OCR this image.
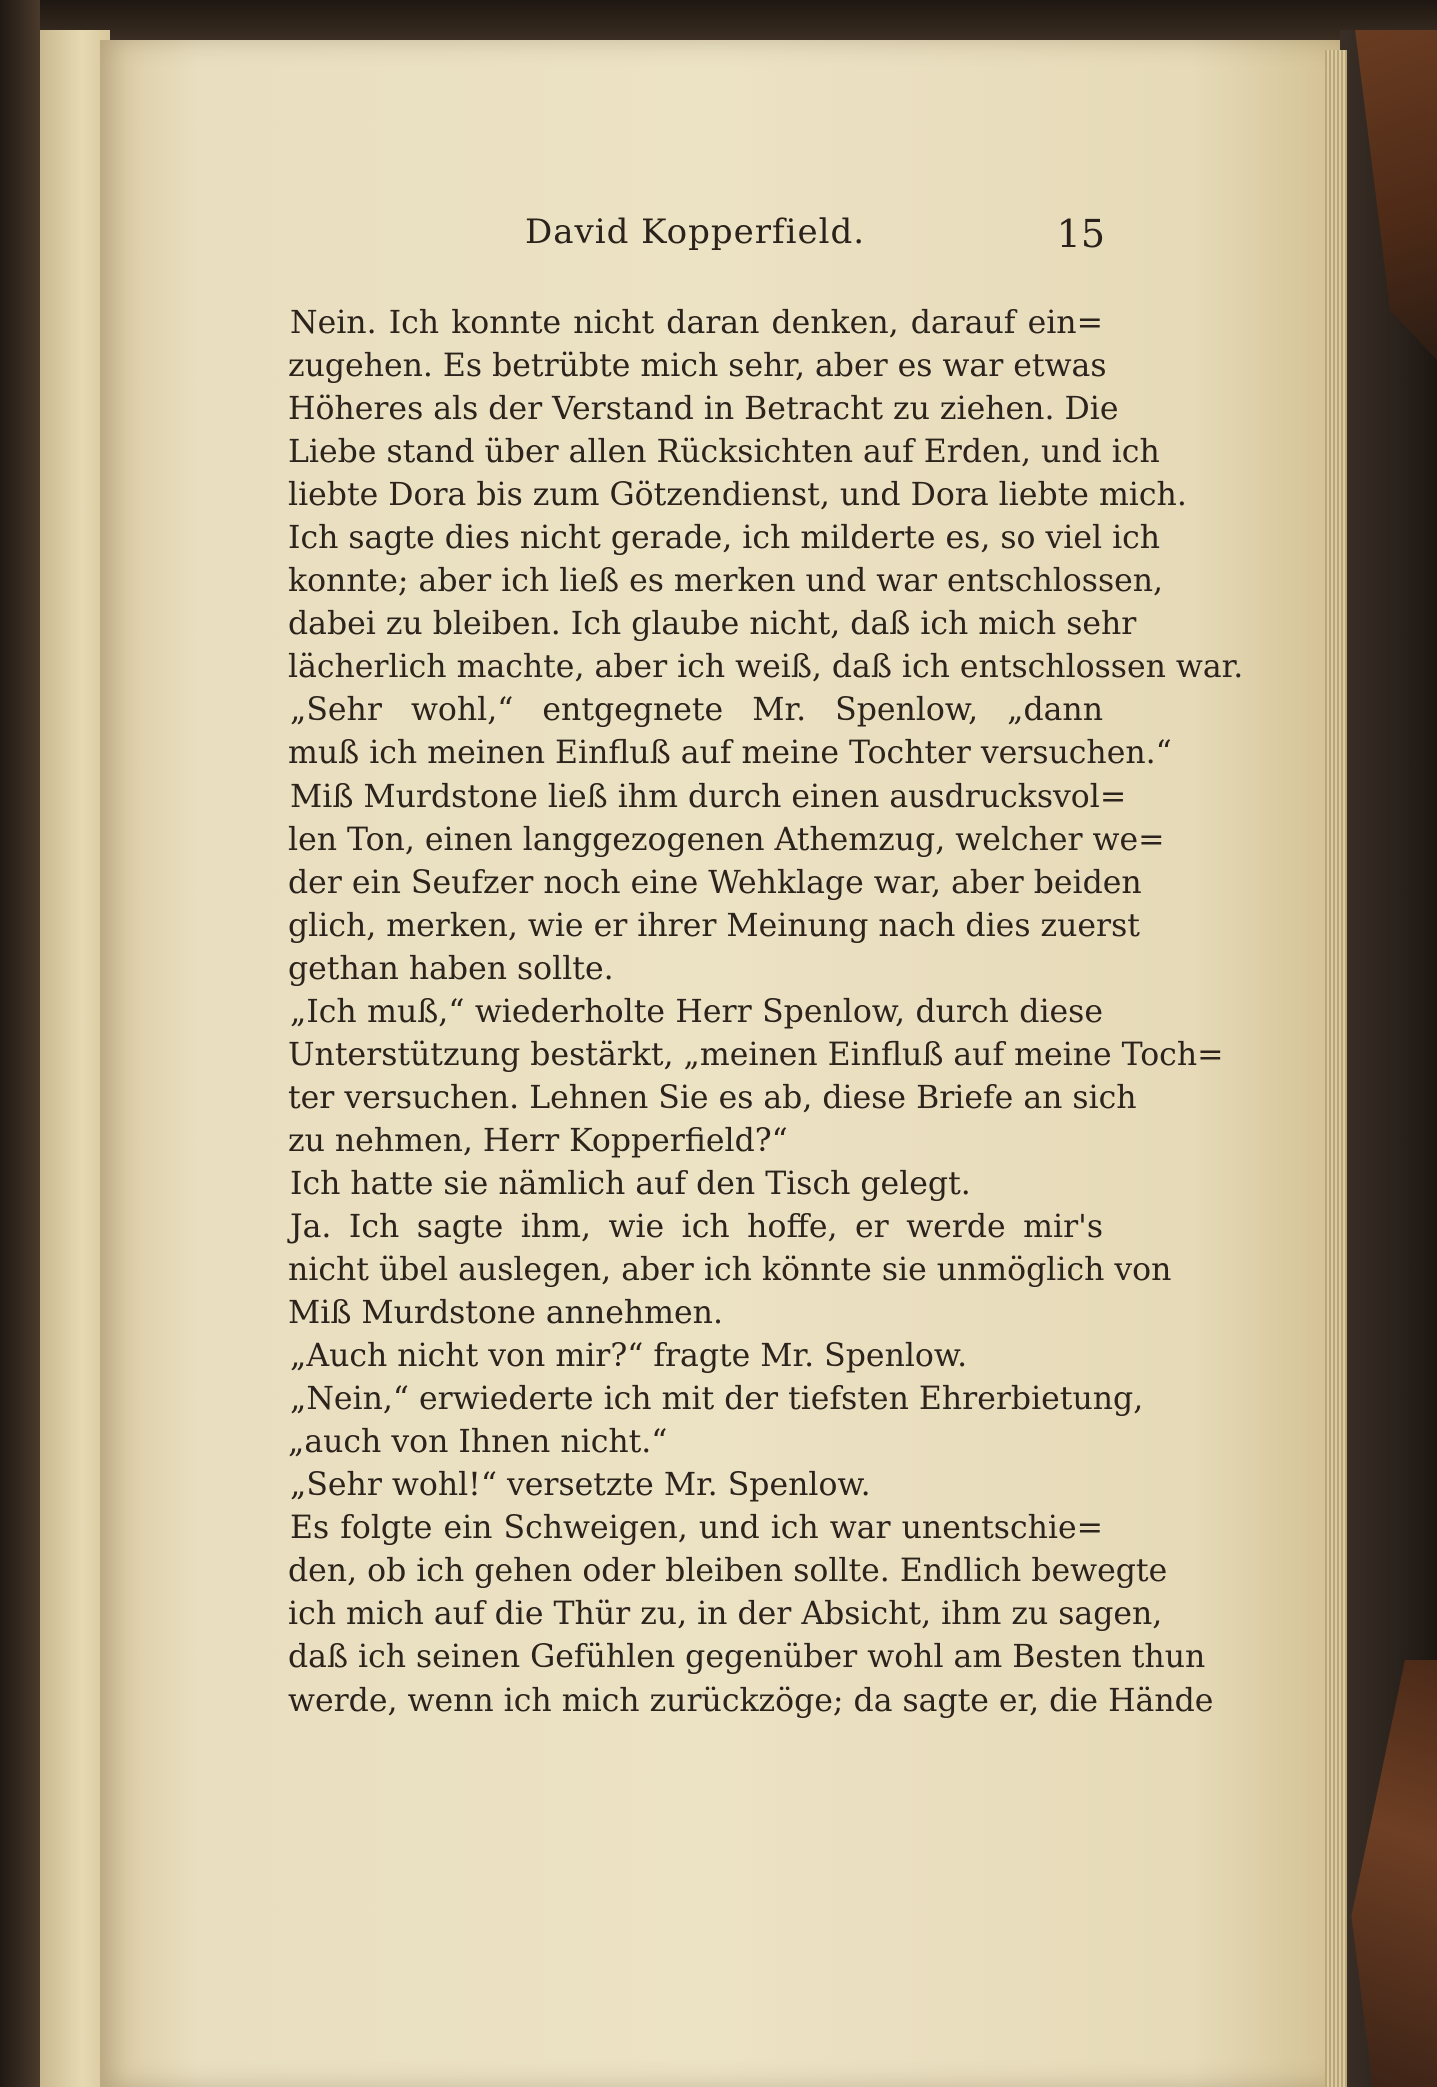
David Kopperfield.	15
Nein. Ich konnte nicht daran denken, darauf ein=
zugehen. Es betrübte mich sehr, aber es war etwas
Höheres als der Verstand in Betracht zu ziehen. Die
Liebe stand über allen Rücksichten auf Erden, und ich
liebte Dora bis zum Götzendienst, und Dora liebte mich.
Ich sagte dies nicht gerade, ich milderte es, so viel ich
konnte; aber ich ließ es merken und war entschlossen,
dabei zu bleiben. Ich glaube nicht, daß ich mich sehr
lächerlich machte, aber ich weiß, daß ich entschlossen war.
„Sehr wohl,“ entgegnete Mr. Spenlow, „dann
muß ich meinen Einfluß auf meine Tochter versuchen.“
Miß Murdstone ließ ihm durch einen ausdrucksvol=
len Ton, einen langgezogenen Athemzug, welcher we=
der ein Seufzer noch eine Wehklage war, aber beiden
glich, merken, wie er ihrer Meinung nach dies zuerst
gethan haben sollte.
„Ich muß,“ wiederholte Herr Spenlow, durch diese
Unterstützung bestärkt, „meinen Einfluß auf meine Toch=
ter versuchen. Lehnen Sie es ab, diese Briefe an sich
zu nehmen, Herr Kopperfield?“
Ich hatte sie nämlich auf den Tisch gelegt.
Ja. Ich sagte ihm, wie ich hoffe, er werde mir's
nicht übel auslegen, aber ich könnte sie unmöglich von
Miß Murdstone annehmen.
„Auch nicht von mir?“ fragte Mr. Spenlow.
„Nein,“ erwiederte ich mit der tiefsten Ehrerbietung,
„auch von Ihnen nicht.“
„Sehr wohl!“ versetzte Mr. Spenlow.
Es folgte ein Schweigen, und ich war unentschie=
den, ob ich gehen oder bleiben sollte. Endlich bewegte
ich mich auf die Thür zu, in der Absicht, ihm zu sagen,
daß ich seinen Gefühlen gegenüber wohl am Besten thun
werde, wenn ich mich zurückzöge; da sagte er, die Hände
